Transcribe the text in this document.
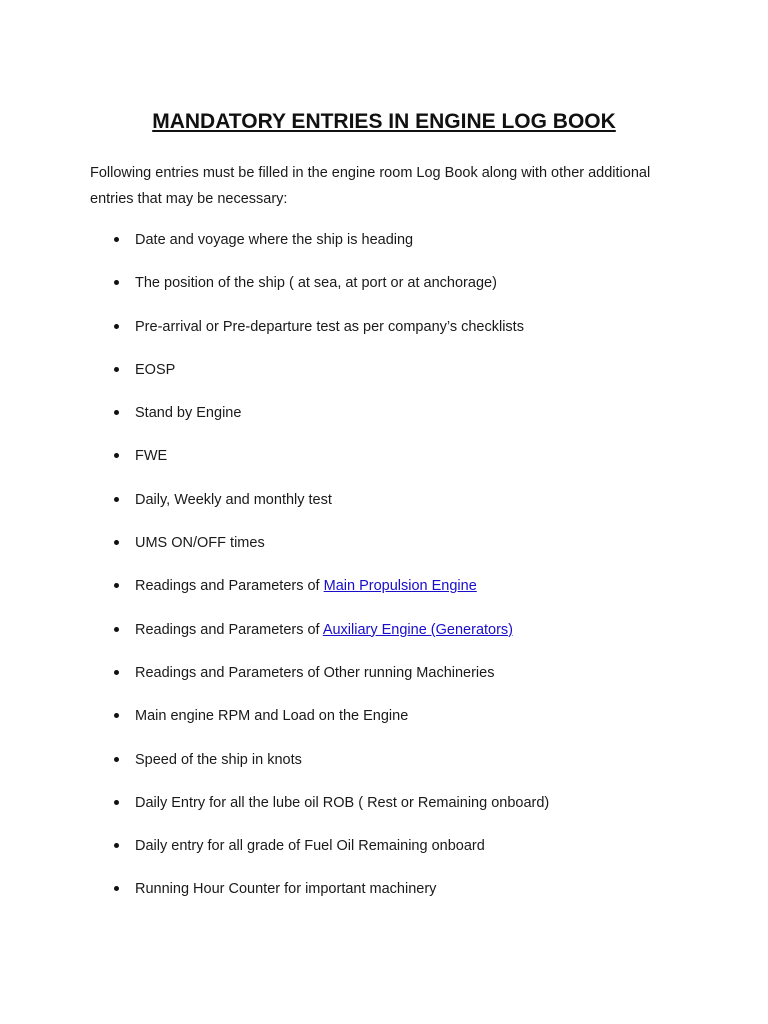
MANDATORY ENTRIES IN ENGINE LOG BOOK

Following entries must be filled in the engine room Log Book along with other additional entries that may be necessary:

Date and voyage where the ship is heading
The position of the ship ( at sea, at port or at anchorage)
Pre-arrival or Pre-departure test as per company’s checklists
EOSP
Stand by Engine
FWE
Daily, Weekly and monthly test
UMS ON/OFF times
Readings and Parameters of Main Propulsion Engine
Readings and Parameters of Auxiliary Engine (Generators)
Readings and Parameters of Other running Machineries
Main engine RPM and Load on the Engine
Speed of the ship in knots
Daily Entry for all the lube oil ROB ( Rest or Remaining onboard)
Daily entry for all grade of Fuel Oil Remaining onboard
Running Hour Counter for important machinery
